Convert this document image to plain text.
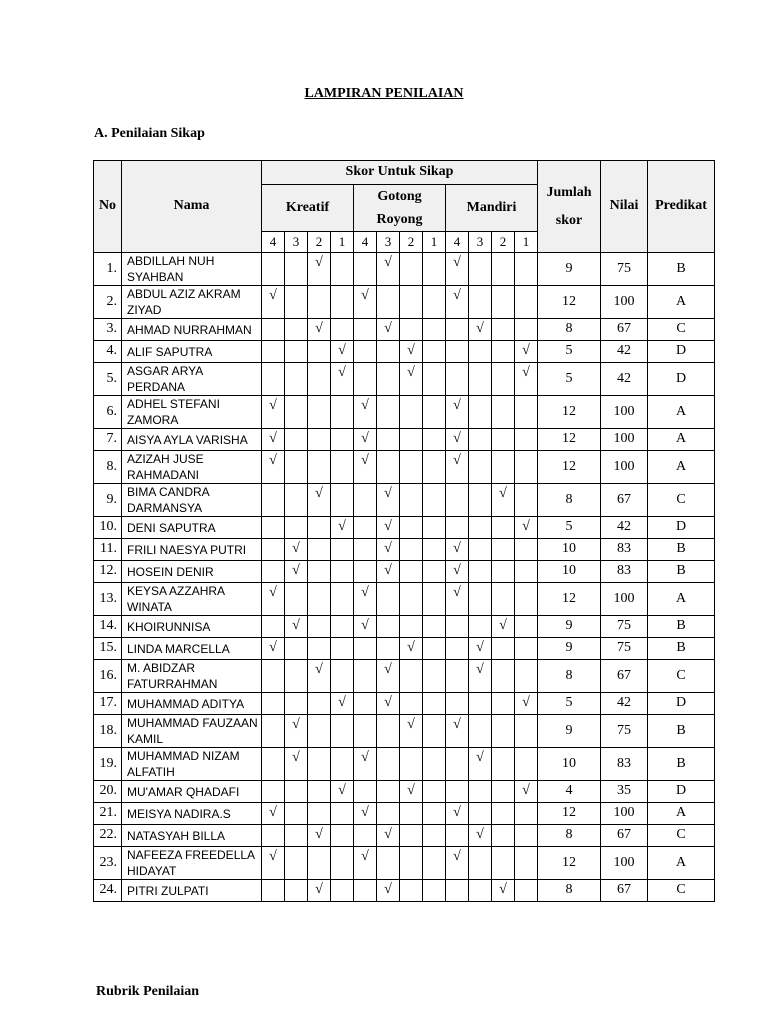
LAMPIRAN PENILAIAN
A. Penilaian Sikap
No	Nama	Skor Untuk Sikap												Jumlah skor	Nilai	Predikat
		Kreatif				Gotong Royong				Mandiri						
		4	3	2	1	4	3	2	1	4	3	2	1			
1.	ABDILLAH NUH SYAHBAN			√			√			√				9	75	B
2.	ABDUL AZIZ AKRAM ZIYAD	√				√				√				12	100	A
3.	AHMAD NURRAHMAN			√			√				√			8	67	C
4.	ALIF SAPUTRA				√			√					√	5	42	D
5.	ASGAR ARYA PERDANA				√			√					√	5	42	D
6.	ADHEL STEFANI ZAMORA	√				√				√				12	100	A
7.	AISYA AYLA VARISHA	√				√				√				12	100	A
8.	AZIZAH JUSE RAHMADANI	√				√				√				12	100	A
9.	BIMA CANDRA DARMANSYA			√			√					√		8	67	C
10.	DENI SAPUTRA				√		√						√	5	42	D
11.	FRILI NAESYA PUTRI		√				√			√				10	83	B
12.	HOSEIN DENIR		√				√			√				10	83	B
13.	KEYSA AZZAHRA WINATA	√				√				√				12	100	A
14.	KHOIRUNNISA		√			√						√		9	75	B
15.	LINDA MARCELLA	√						√			√			9	75	B
16.	M. ABIDZAR FATURRAHMAN			√			√				√			8	67	C
17.	MUHAMMAD ADITYA				√		√						√	5	42	D
18.	MUHAMMAD FAUZAAN KAMIL		√					√		√				9	75	B
19.	MUHAMMAD NIZAM ALFATIH		√			√					√			10	83	B
20.	MU'AMAR QHADAFI				√			√					√	4	35	D
21.	MEISYA NADIRA.S	√				√				√				12	100	A
22.	NATASYAH BILLA			√			√				√			8	67	C
23.	NAFEEZA FREEDELLA HIDAYAT	√				√				√				12	100	A
24.	PITRI ZULPATI			√			√					√		8	67	C
Rubrik Penilaian
